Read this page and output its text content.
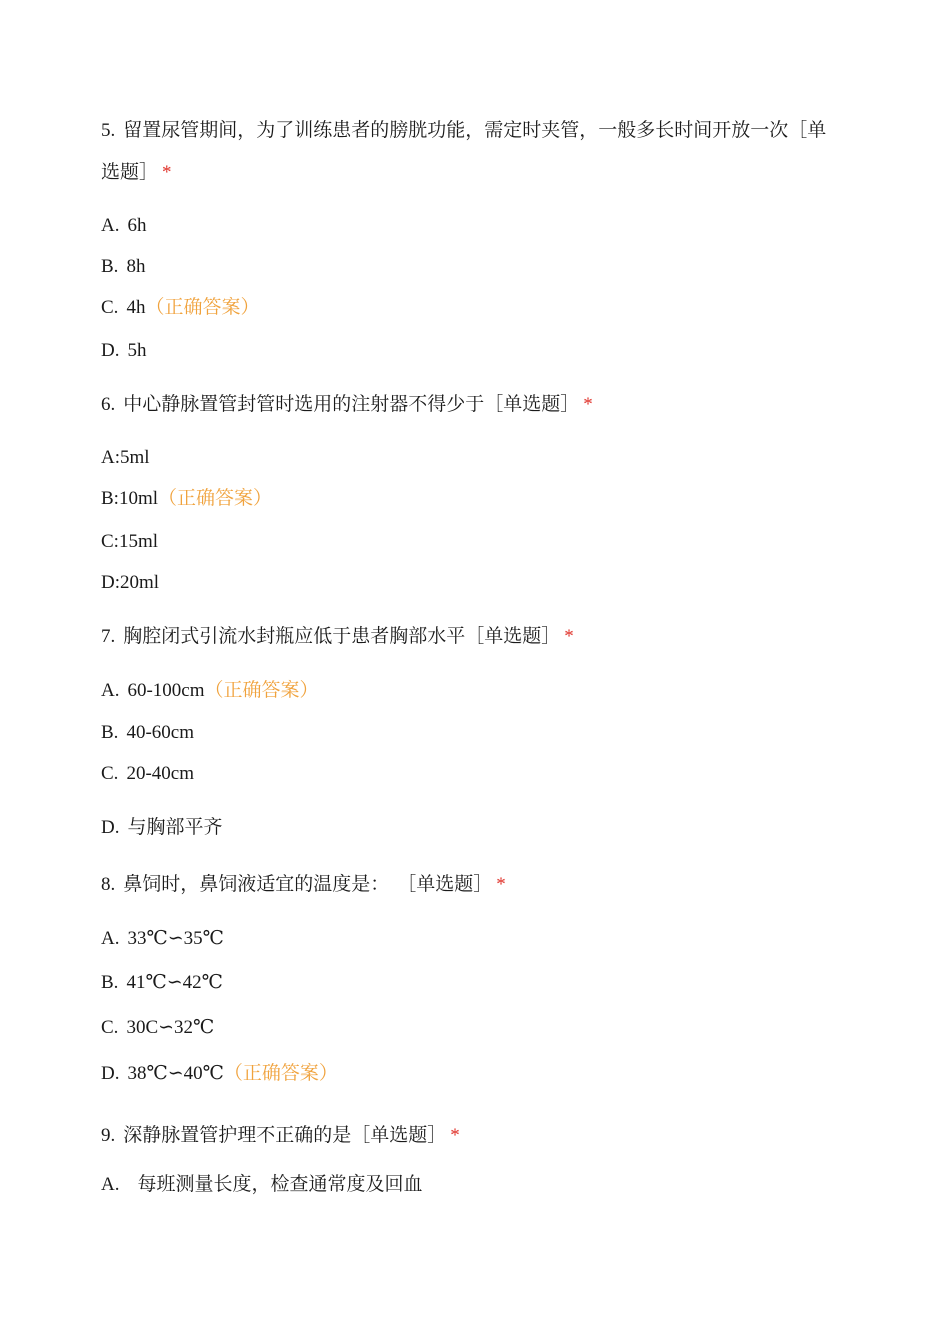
5. 留置尿管期间，为了训练患者的膀胱功能，需定时夹管，一般多长时间开放一次［单选题］ *
A. 6h
B. 8h
C. 4h（正确答案）
D. 5h
6. 中心静脉置管封管时选用的注射器不得少于［单选题］ *
A:5ml
B:10ml（正确答案）
C:15ml
D:20ml
7. 胸腔闭式引流水封瓶应低于患者胸部水平［单选题］ *
A. 60-100cm（正确答案）
B. 40-60cm
C. 20-40cm
D. 与胸部平齐
8. 鼻饲时，鼻饲液适宜的温度是： ［单选题］ *
A. 33℃∽35℃
B. 41℃∽42℃
C. 30C∽32℃
D. 38℃∽40℃（正确答案）
9. 深静脉置管护理不正确的是［单选题］ *
A. 每班测量长度，检查通常度及回血
